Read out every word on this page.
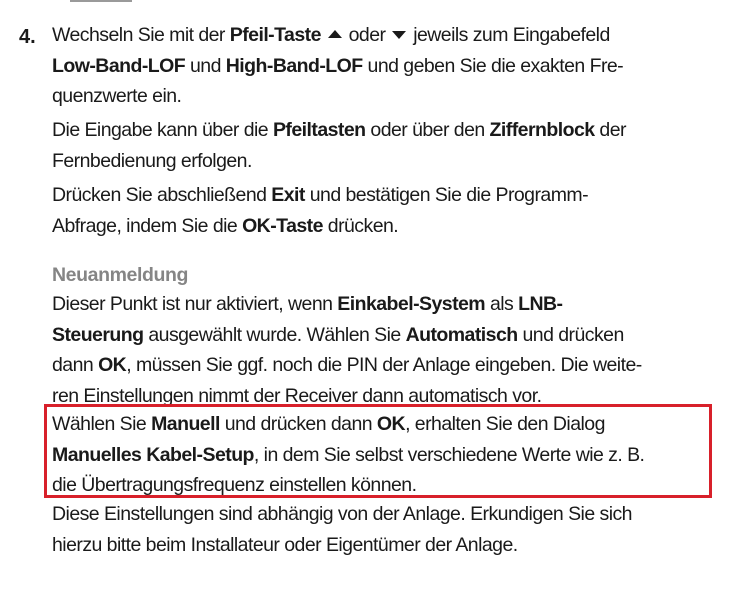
4. Wechseln Sie mit der Pfeil-Taste  oder  jeweils zum Eingabefeld
Low-Band-LOF und High-Band-LOF und geben Sie die exakten Fre-
quenzwerte ein.

Die Eingabe kann über die Pfeiltasten oder über den Ziffernblock der
Fernbedienung erfolgen.

Drücken Sie abschließend Exit und bestätigen Sie die Programm-
Abfrage, indem Sie die OK-Taste drücken.

Neuanmeldung

Dieser Punkt ist nur aktiviert, wenn Einkabel-System als LNB-
Steuerung ausgewählt wurde. Wählen Sie Automatisch und drücken
dann OK, müssen Sie ggf. noch die PIN der Anlage eingeben. Die weite-
ren Einstellungen nimmt der Receiver dann automatisch vor.

Wählen Sie Manuell und drücken dann OK, erhalten Sie den Dialog
Manuelles Kabel-Setup, in dem Sie selbst verschiedene Werte wie z. B.
die Übertragungsfrequenz einstellen können.

Diese Einstellungen sind abhängig von der Anlage. Erkundigen Sie sich
hierzu bitte beim Installateur oder Eigentümer der Anlage.
